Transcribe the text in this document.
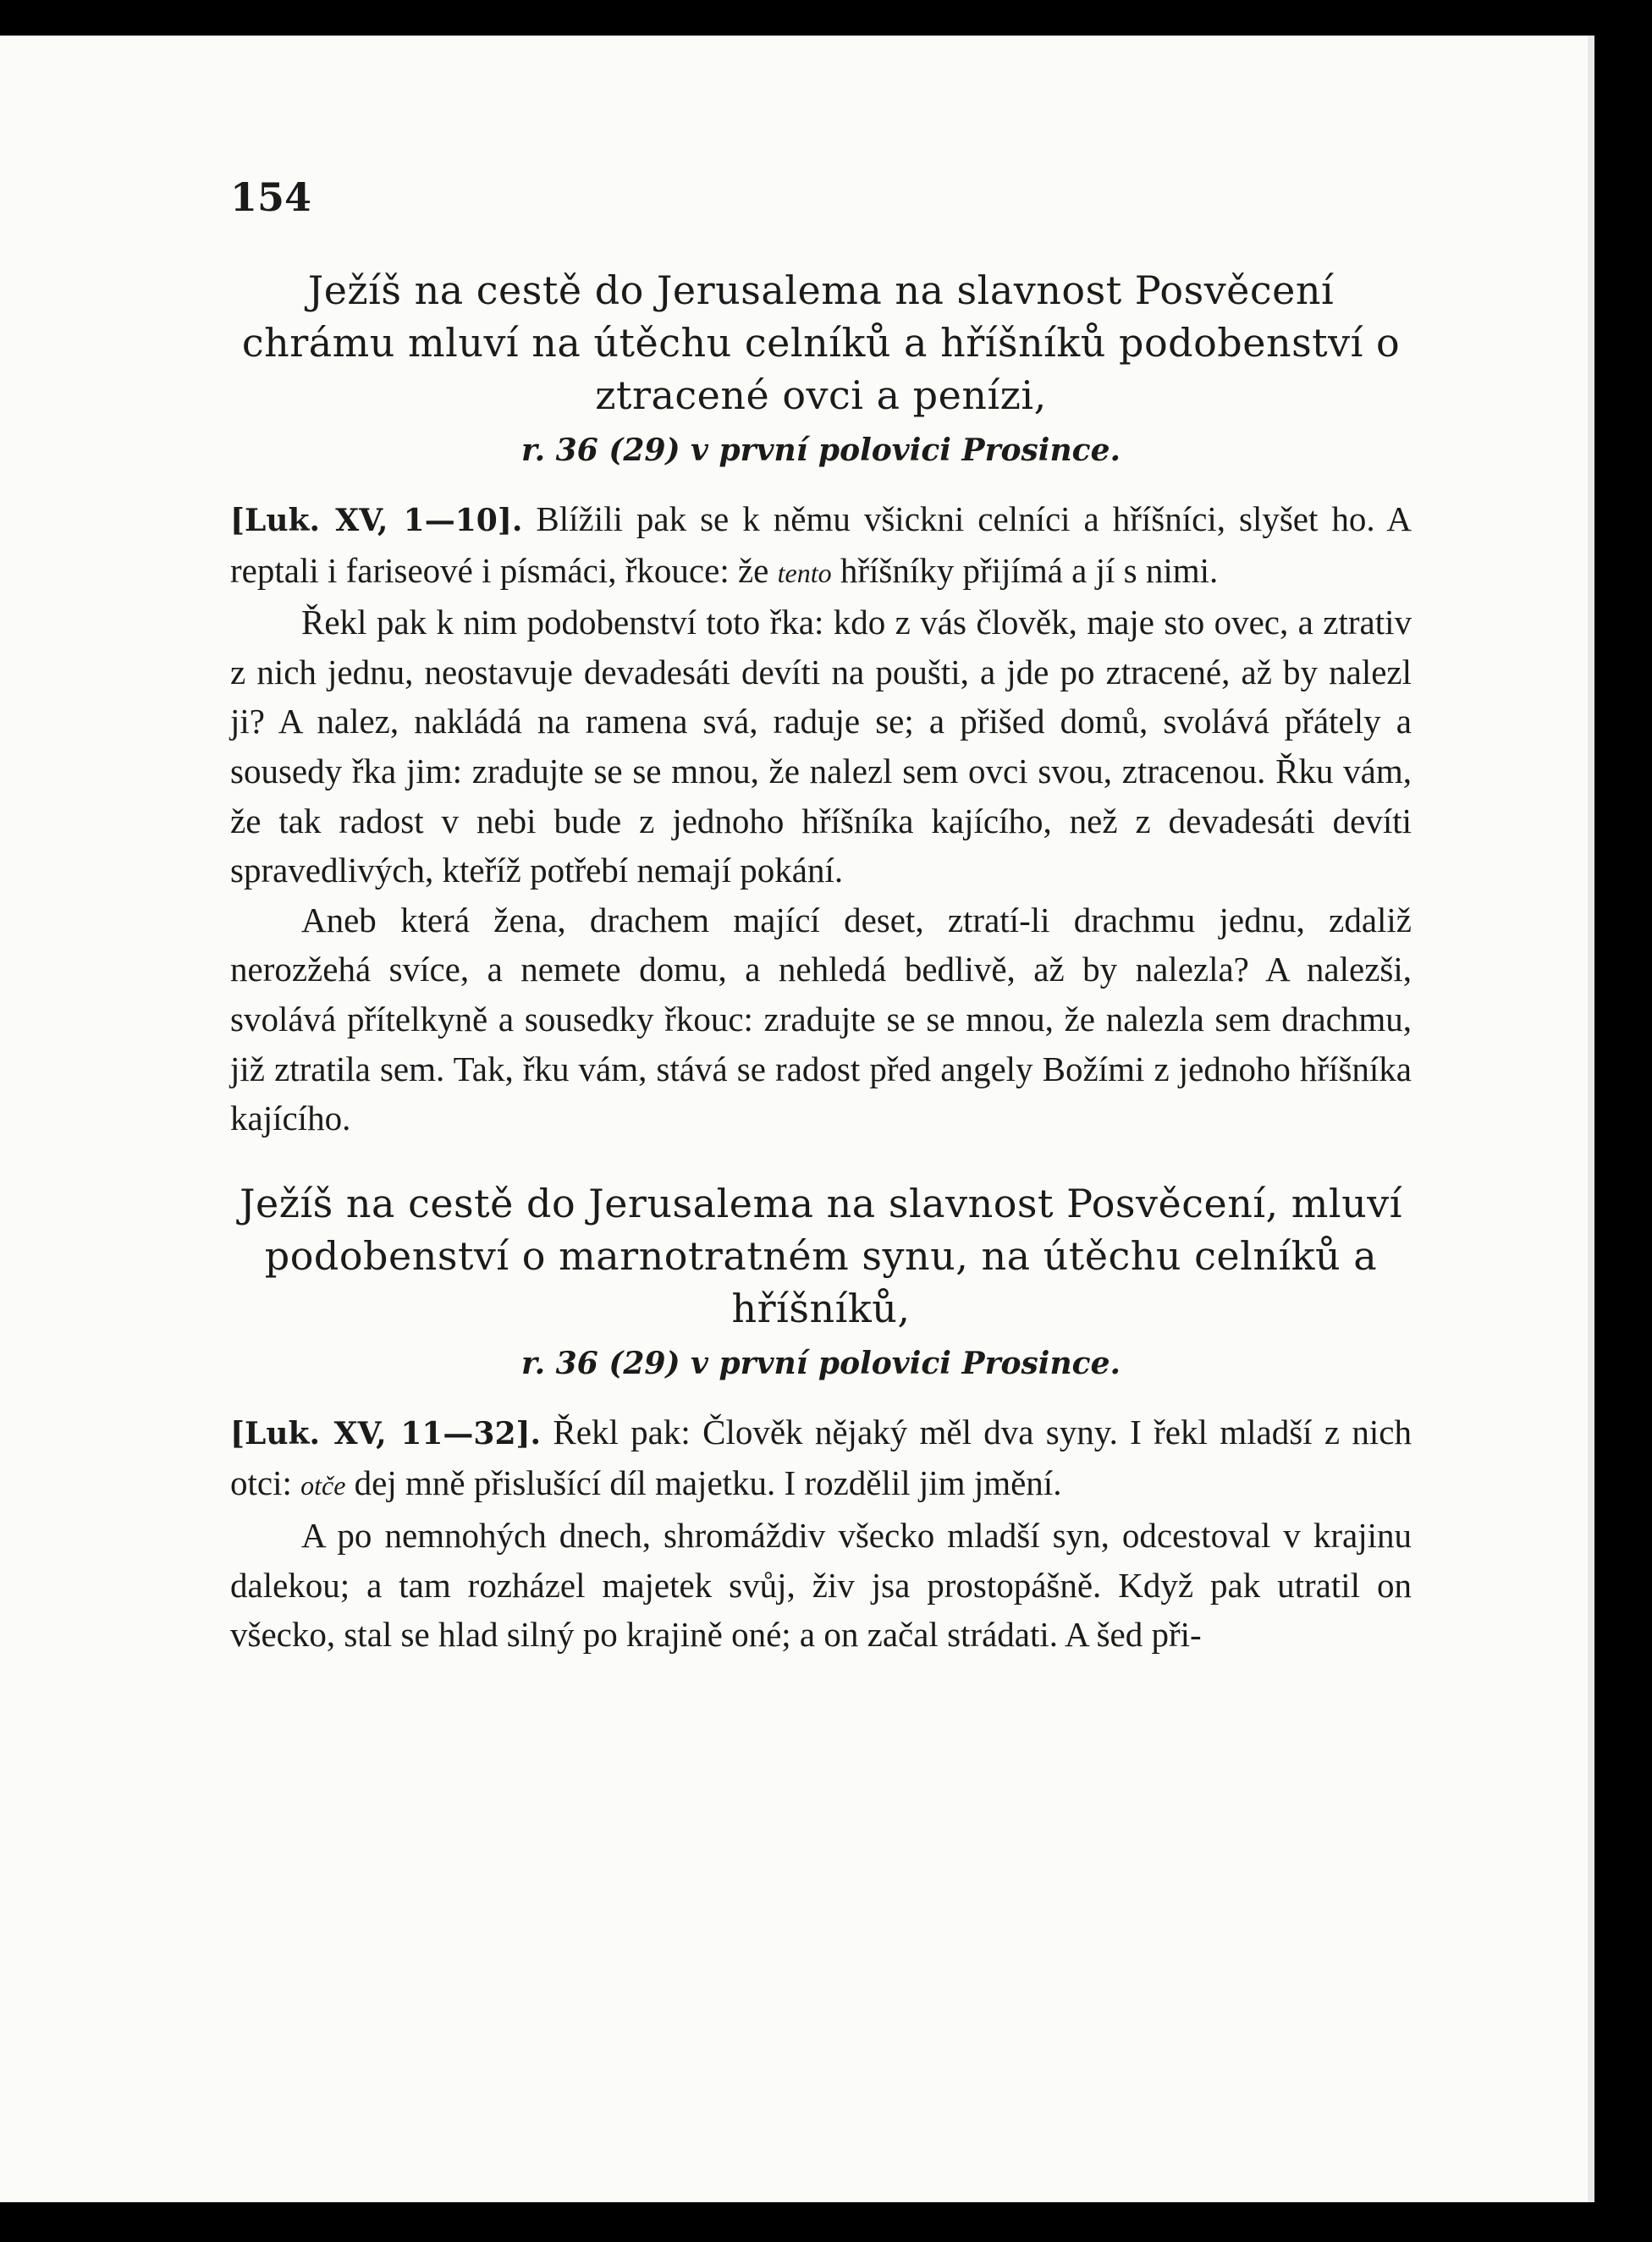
154
Ježíš na cestě do Jerusalema na slavnost Posvěcení chrámu mluví na útěchu celníků a hříšníků podobenství o ztracené ovci a penízi,
r. 36 (29) v první polovici Prosince.

[Luk. XV, 1—10]. Blížili pak se k němu všickni celníci a hříšníci, slyšet ho. A reptali i fariseové i písmáci, řkouce: že tento hříšníky přijímá a jí s nimi.

Řekl pak k nim podobenství toto řka: kdo z vás člověk, maje sto ovec, a ztrativ z nich jednu, neostavuje devadesáti devíti na poušti, a jde po ztracené, až by nalezl ji? A nalez, nakládá na ramena svá, raduje se; a přišed domů, svolává přátely a sousedy řka jim: zradujte se se mnou, že nalezl sem ovci svou, ztracenou. Řku vám, že tak radost v nebi bude z jednoho hříšníka kajícího, než z devadesáti devíti spravedlivých, kteříž potřebí nemají pokání.

Aneb která žena, drachem mající deset, ztratí-li drachmu jednu, zdaliž nerozžehá svíce, a nemete domu, a nehledá bedlivě, až by nalezla? A nalezši, svolává přítelkyně a sousedky řkouc: zradujte se se mnou, že nalezla sem drachmu, již ztratila sem. Tak, řku vám, stává se radost před angely Božími z jednoho hříšníka kajícího.

Ježíš na cestě do Jerusalema na slavnost Posvěcení, mluví podobenství o marnotratném synu, na útěchu celníků a hříšníků,
r. 36 (29) v první polovici Prosince.

[Luk. XV, 11—32]. Řekl pak: Člověk nějaký měl dva syny. I řekl mladší z nich otci: otče dej mně přislušící díl majetku. I rozdělil jim jmění.

A po nemnohých dnech, shromáždiv všecko mladší syn, odcestoval v krajinu dalekou; a tam rozházel majetek svůj, živ jsa prostopášně. Když pak utratil on všecko, stal se hlad silný po krajině oné; a on začal strádati. A šed při-
